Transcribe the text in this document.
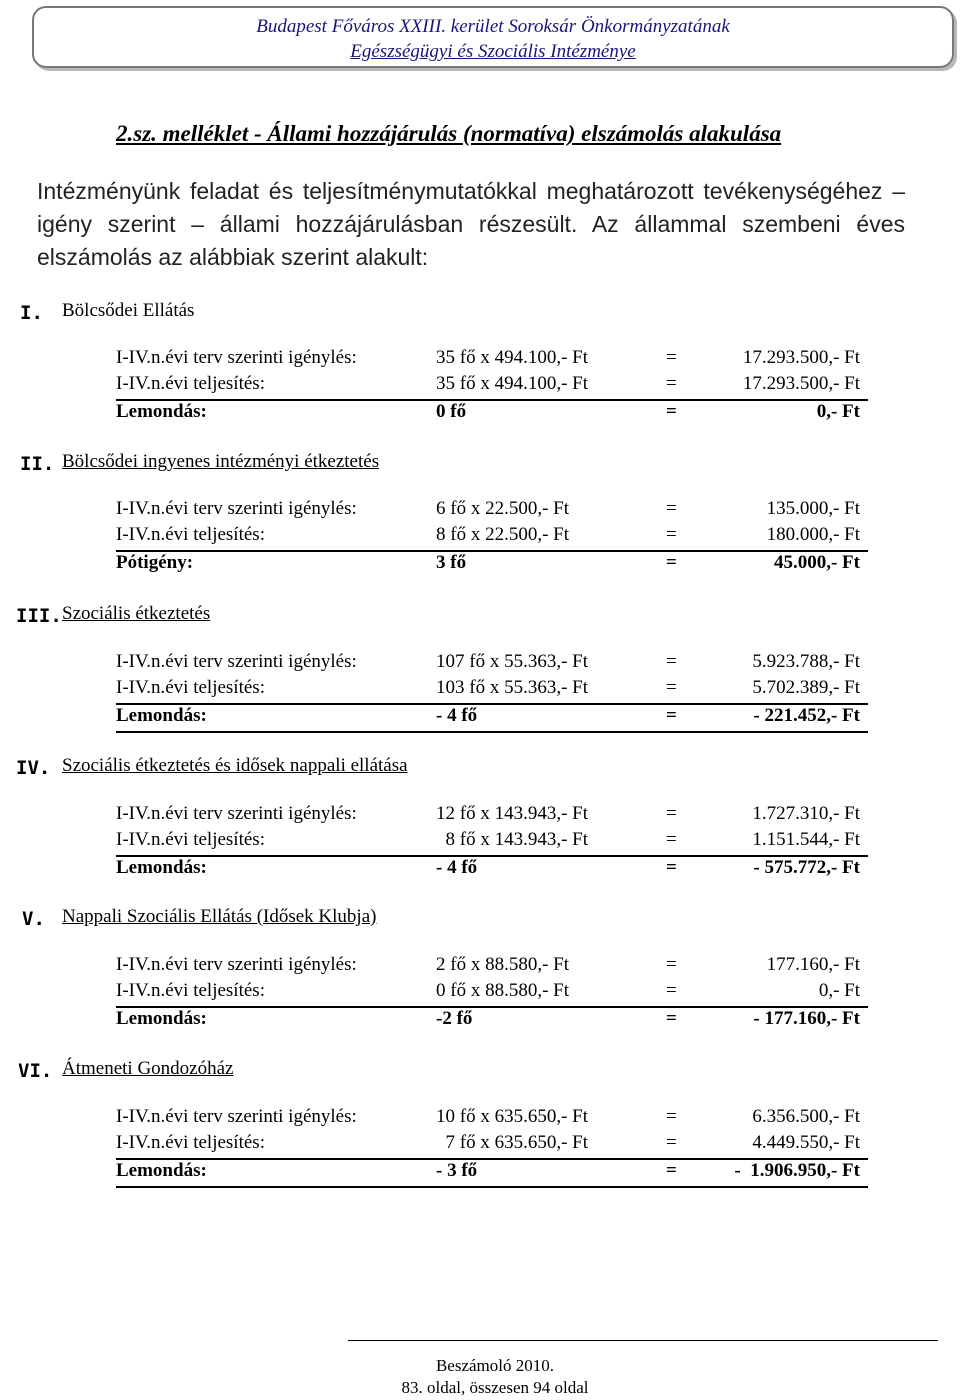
Budapest Főváros XXIII. kerület Soroksár Önkormányzatának
Egészségügyi és Szociális Intézménye
2.sz. melléklet - Állami hozzájárulás (normatíva) elszámolás alakulása
Intézményünk feladat és teljesítménymutatókkal meghatározott tevékenységéhez –
igény szerint – állami hozzájárulásban részesült. Az állammal szembeni éves
elszámolás az alábbiak szerint alakult:
I. Bölcsődei Ellátás
I-IV.n.évi terv szerinti igénylés:	35 fő x 494.100,- Ft	=	17.293.500,- Ft
I-IV.n.évi teljesítés:	35 fő x 494.100,- Ft	=	17.293.500,- Ft
Lemondás:	0 fő	=	0,- Ft
II. Bölcsődei ingyenes intézményi étkeztetés
I-IV.n.évi terv szerinti igénylés:	6 fő x 22.500,- Ft	=	135.000,- Ft
I-IV.n.évi teljesítés:	8 fő x 22.500,- Ft	=	180.000,- Ft
Pótigény:	3 fő	=	45.000,- Ft
III. Szociális étkeztetés
I-IV.n.évi terv szerinti igénylés:	107 fő x 55.363,- Ft	=	5.923.788,- Ft
I-IV.n.évi teljesítés:	103 fő x 55.363,- Ft	=	5.702.389,- Ft
Lemondás:	- 4 fő	=	- 221.452,- Ft
IV. Szociális étkeztetés és idősek nappali ellátása
I-IV.n.évi terv szerinti igénylés:	12 fő x 143.943,- Ft	=	1.727.310,- Ft
I-IV.n.évi teljesítés:	8 fő x 143.943,- Ft	=	1.151.544,- Ft
Lemondás:	- 4 fő	=	- 575.772,- Ft
V. Nappali Szociális Ellátás (Idősek Klubja)
I-IV.n.évi terv szerinti igénylés:	2 fő x 88.580,- Ft	=	177.160,- Ft
I-IV.n.évi teljesítés:	0 fő x 88.580,- Ft	=	0,- Ft
Lemondás:	-2 fő	=	- 177.160,- Ft
VI. Átmeneti Gondozóház
I-IV.n.évi terv szerinti igénylés:	10 fő x 635.650,- Ft	=	6.356.500,- Ft
I-IV.n.évi teljesítés:	7 fő x 635.650,- Ft	=	4.449.550,- Ft
Lemondás:	- 3 fő	=	-  1.906.950,- Ft
Beszámoló 2010.
83. oldal, összesen 94 oldal
